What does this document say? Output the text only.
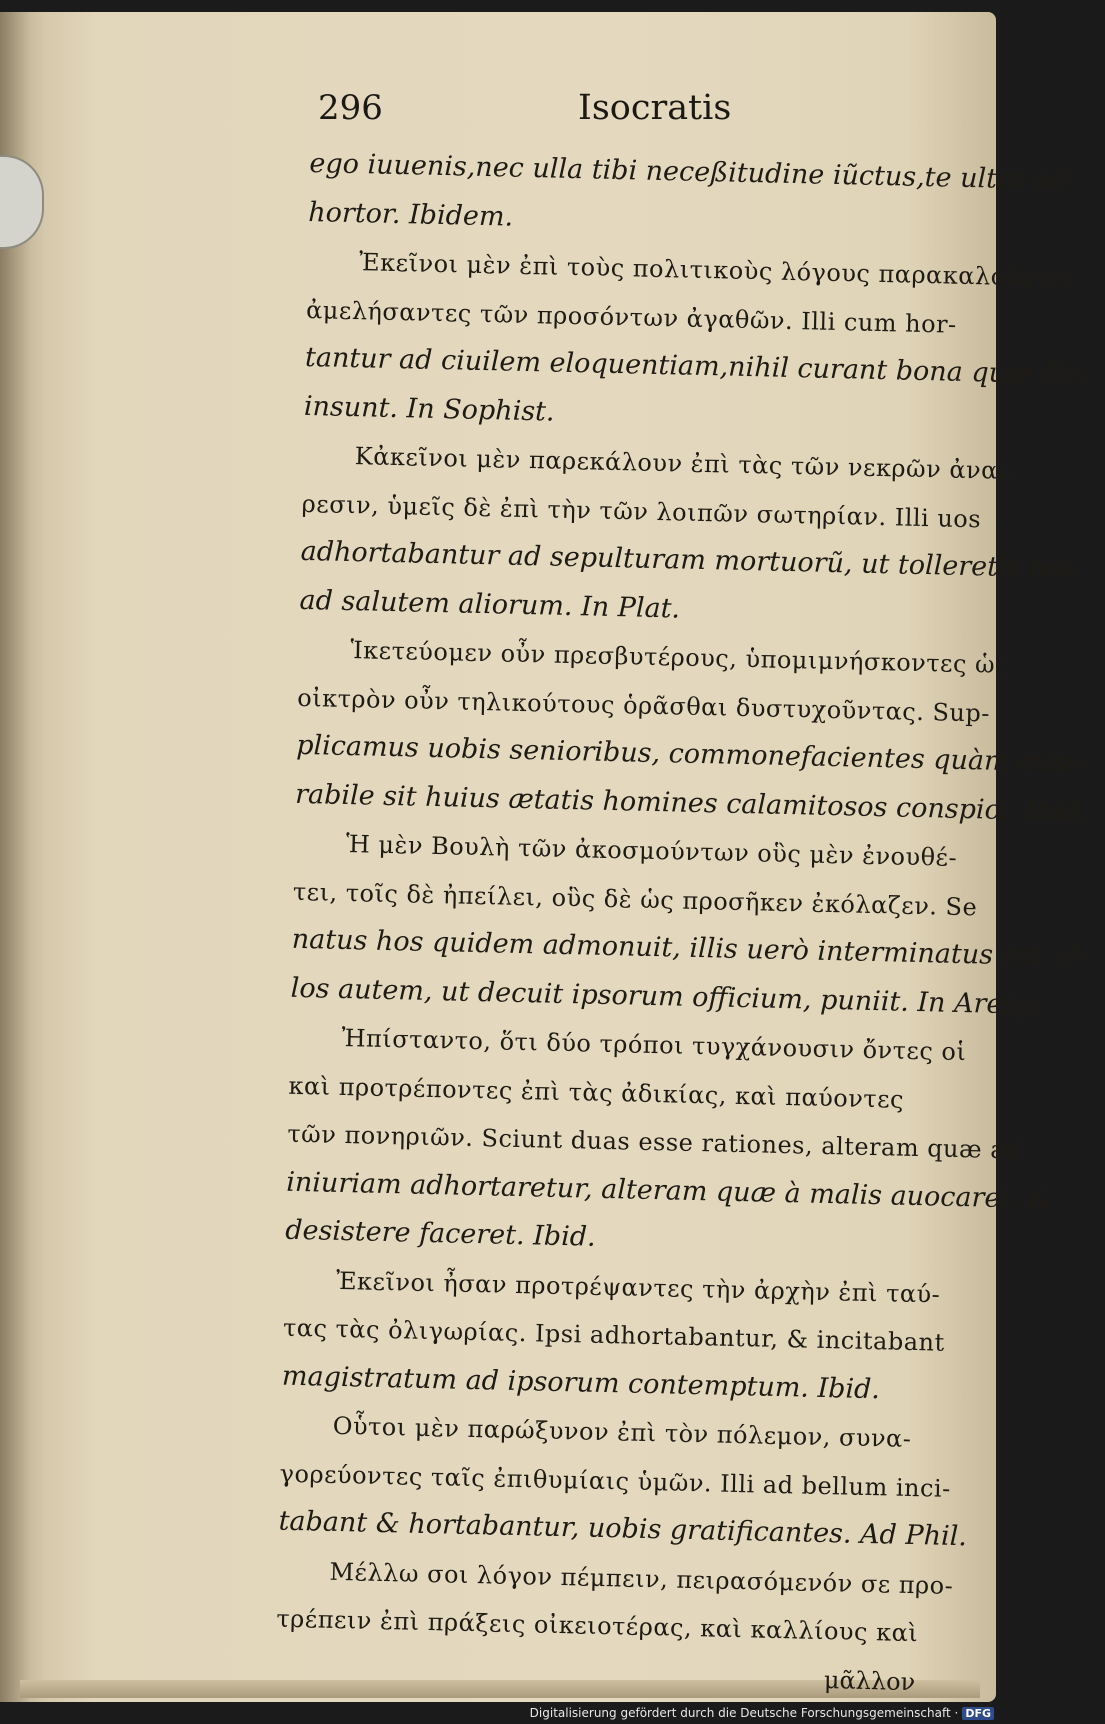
296	Isocratis
ego iuuenis,nec ulla tibi neceßitudine iũctus,te ultrò ad-
hortor. Ibidem.
Ἐκεῖνοι μὲν ἐπὶ τοὺς πολιτικοὺς λόγους παρακαλοῦντες,
ἀμελήσαντες τῶν προσόντων ἀγαθῶν. Illi cum hor-
tantur ad ciuilem eloquentiam,nihil curant bona quæ illis
insunt. In Sophist.
Κἀκεῖνοι μὲν παρεκάλουν ἐπὶ τὰς τῶν νεκρῶν ἀναί-
ρεσιν, ὑμεῖς δὲ ἐπὶ τὴν τῶν λοιπῶν σωτηρίαν. Illi uos
adhortabantur ad sepulturam mortuorũ, ut tolleretis nos
ad salutem aliorum. In Plat.
Ἱκετεύομεν οὖν πρεσβυτέρους, ὑπομιμνήσκοντες ὡς
οἰκτρὸν οὖν τηλικούτους ὁρᾶσθαι δυστυχοῦντας. Sup-
plicamus uobis senioribus, commonefacientes quàm mise-
rabile sit huius ætatis homines calamitosos conspici. Ibid.
Ἡ μὲν Βουλὴ τῶν ἀκοσμούντων οὓς μὲν ἐνουθέ-
τει, τοῖς δὲ ἠπείλει, οὓς δὲ ὡς προσῆκεν ἐκόλαζεν. Se
natus hos quidem admonuit, illis uerò interminatus est: il-
los autem, ut decuit ipsorum officium, puniit. In Areop.
Ἠπίσταντο, ὅτι δύο τρόποι τυγχάνουσιν ὄντες οἱ
καὶ προτρέποντες ἐπὶ τὰς ἀδικίας, καὶ παύοντες
τῶν πονηριῶν. Sciunt duas esse rationes, alteram quæ ad
iniuriam adhortaretur, alteram quæ à malis auocaret, &
desistere faceret. Ibid.
Ἐκεῖνοι ἦσαν προτρέψαντες τὴν ἀρχὴν ἐπὶ ταύ-
τας τὰς ὀλιγωρίας. Ipsi adhortabantur, & incitabant
magistratum ad ipsorum contemptum. Ibid.
Οὗτοι μὲν παρώξυνον ἐπὶ τὸν πόλεμον, συνα-
γορεύοντες ταῖς ἐπιθυμίαις ὑμῶν. Illi ad bellum inci-
tabant & hortabantur, uobis gratificantes. Ad Phil.
Μέλλω σοι λόγον πέμπειν, πειρασόμενόν σε προ-
τρέπειν ἐπὶ πράξεις οἰκειοτέρας, καὶ καλλίους καὶ
μᾶλλον
Digitalisierung gefördert durch die Deutsche Forschungsgemeinschaft · DFG
